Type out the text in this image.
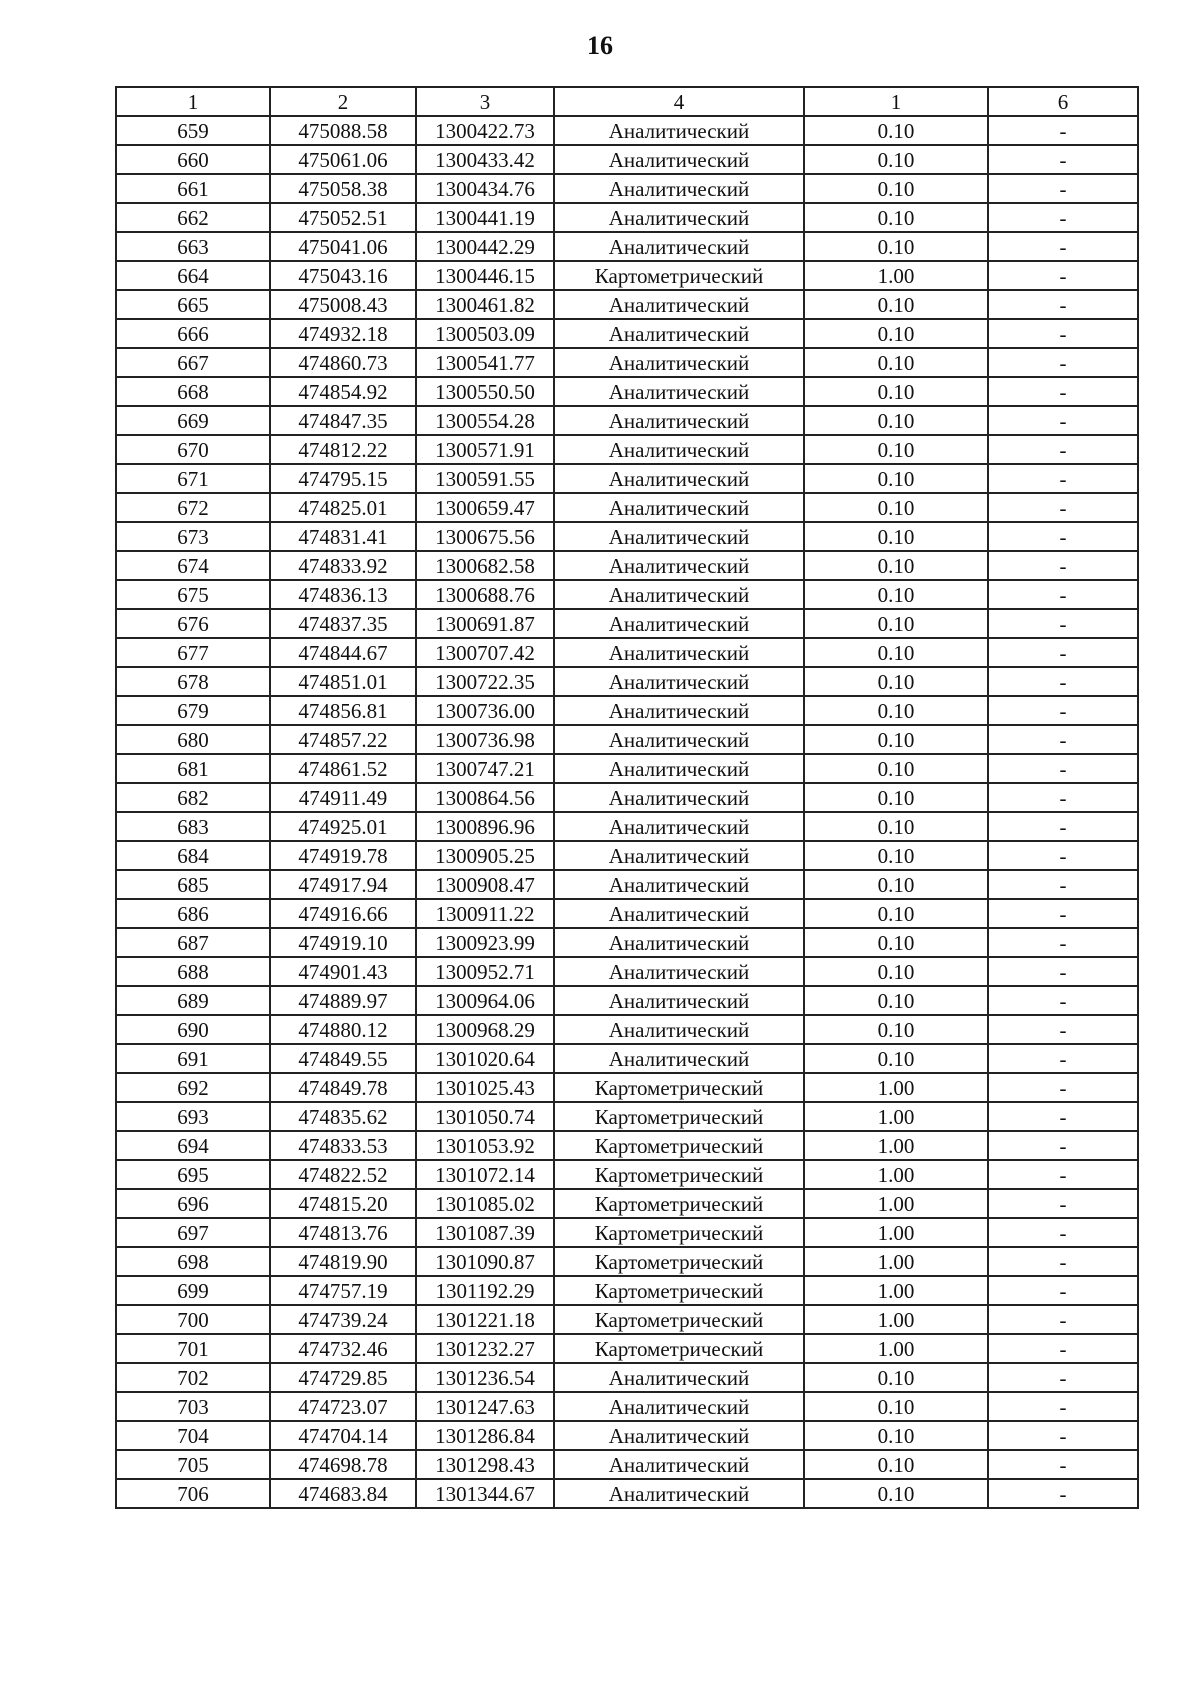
16
1	2	3	4	1	6
659	475088.58	1300422.73	Аналитический	0.10	-
660	475061.06	1300433.42	Аналитический	0.10	-
661	475058.38	1300434.76	Аналитический	0.10	-
662	475052.51	1300441.19	Аналитический	0.10	-
663	475041.06	1300442.29	Аналитический	0.10	-
664	475043.16	1300446.15	Картометрический	1.00	-
665	475008.43	1300461.82	Аналитический	0.10	-
666	474932.18	1300503.09	Аналитический	0.10	-
667	474860.73	1300541.77	Аналитический	0.10	-
668	474854.92	1300550.50	Аналитический	0.10	-
669	474847.35	1300554.28	Аналитический	0.10	-
670	474812.22	1300571.91	Аналитический	0.10	-
671	474795.15	1300591.55	Аналитический	0.10	-
672	474825.01	1300659.47	Аналитический	0.10	-
673	474831.41	1300675.56	Аналитический	0.10	-
674	474833.92	1300682.58	Аналитический	0.10	-
675	474836.13	1300688.76	Аналитический	0.10	-
676	474837.35	1300691.87	Аналитический	0.10	-
677	474844.67	1300707.42	Аналитический	0.10	-
678	474851.01	1300722.35	Аналитический	0.10	-
679	474856.81	1300736.00	Аналитический	0.10	-
680	474857.22	1300736.98	Аналитический	0.10	-
681	474861.52	1300747.21	Аналитический	0.10	-
682	474911.49	1300864.56	Аналитический	0.10	-
683	474925.01	1300896.96	Аналитический	0.10	-
684	474919.78	1300905.25	Аналитический	0.10	-
685	474917.94	1300908.47	Аналитический	0.10	-
686	474916.66	1300911.22	Аналитический	0.10	-
687	474919.10	1300923.99	Аналитический	0.10	-
688	474901.43	1300952.71	Аналитический	0.10	-
689	474889.97	1300964.06	Аналитический	0.10	-
690	474880.12	1300968.29	Аналитический	0.10	-
691	474849.55	1301020.64	Аналитический	0.10	-
692	474849.78	1301025.43	Картометрический	1.00	-
693	474835.62	1301050.74	Картометрический	1.00	-
694	474833.53	1301053.92	Картометрический	1.00	-
695	474822.52	1301072.14	Картометрический	1.00	-
696	474815.20	1301085.02	Картометрический	1.00	-
697	474813.76	1301087.39	Картометрический	1.00	-
698	474819.90	1301090.87	Картометрический	1.00	-
699	474757.19	1301192.29	Картометрический	1.00	-
700	474739.24	1301221.18	Картометрический	1.00	-
701	474732.46	1301232.27	Картометрический	1.00	-
702	474729.85	1301236.54	Аналитический	0.10	-
703	474723.07	1301247.63	Аналитический	0.10	-
704	474704.14	1301286.84	Аналитический	0.10	-
705	474698.78	1301298.43	Аналитический	0.10	-
706	474683.84	1301344.67	Аналитический	0.10	-
